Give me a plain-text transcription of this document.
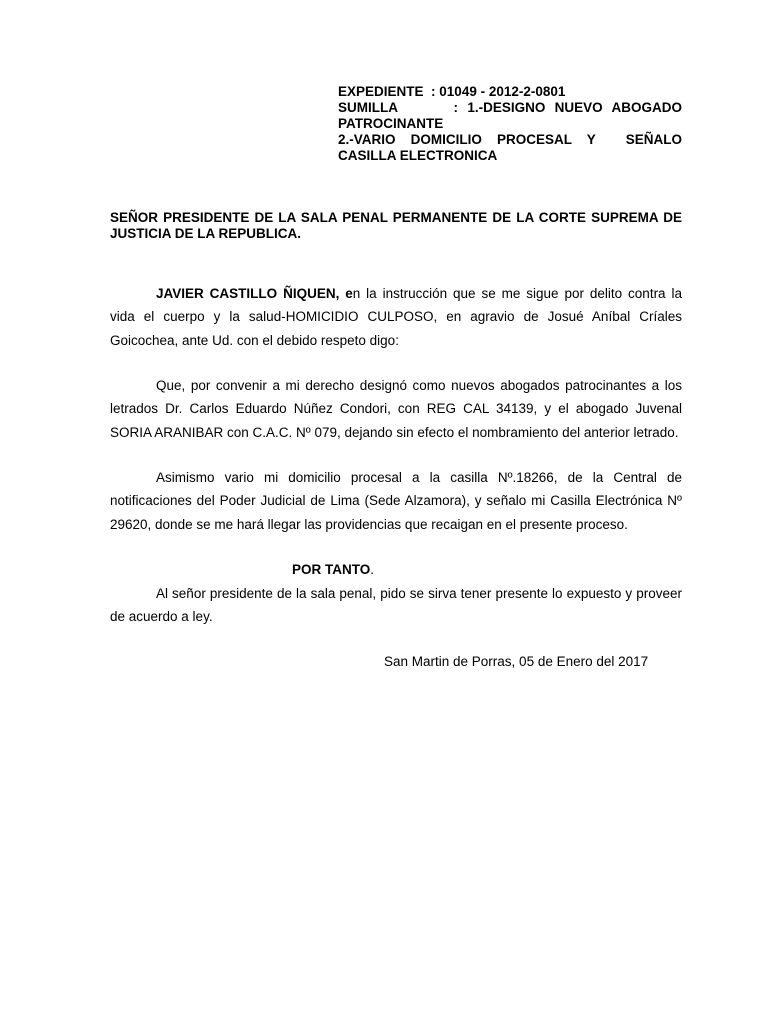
EXPEDIENTE : 01049 - 2012-2-0801
SUMILLA      : 1.-DESIGNO NUEVO ABOGADO
PATROCINANTE
2.-VARIO DOMICILIO PROCESAL Y  SEÑALO
CASILLA ELECTRONICA
SEÑOR PRESIDENTE DE LA SALA PENAL PERMANENTE DE LA CORTE SUPREMA DE JUSTICIA DE LA REPUBLICA.
JAVIER CASTILLO ÑIQUEN, en la instrucción que se me sigue por delito contra la vida el cuerpo y la salud-HOMICIDIO CULPOSO, en agravio de Josué Aníbal Críales Goicochea, ante Ud. con el debido respeto digo:
Que, por convenir a mi derecho designó como nuevos abogados patrocinantes a los letrados Dr. Carlos Eduardo Núñez Condori, con REG CAL 34139, y el abogado Juvenal SORIA ARANIBAR con C.A.C. Nº 079, dejando sin efecto el nombramiento del anterior letrado.
Asimismo vario mi domicilio procesal a la casilla Nº.18266, de la Central de notificaciones del Poder Judicial de Lima (Sede Alzamora), y señalo mi Casilla Electrónica Nº 29620, donde se me hará llegar las providencias que recaigan en el presente proceso.
POR TANTO.
Al señor presidente de la sala penal, pido se sirva tener presente lo expuesto y proveer de acuerdo a ley.
San Martin de Porras, 05 de Enero del 2017
